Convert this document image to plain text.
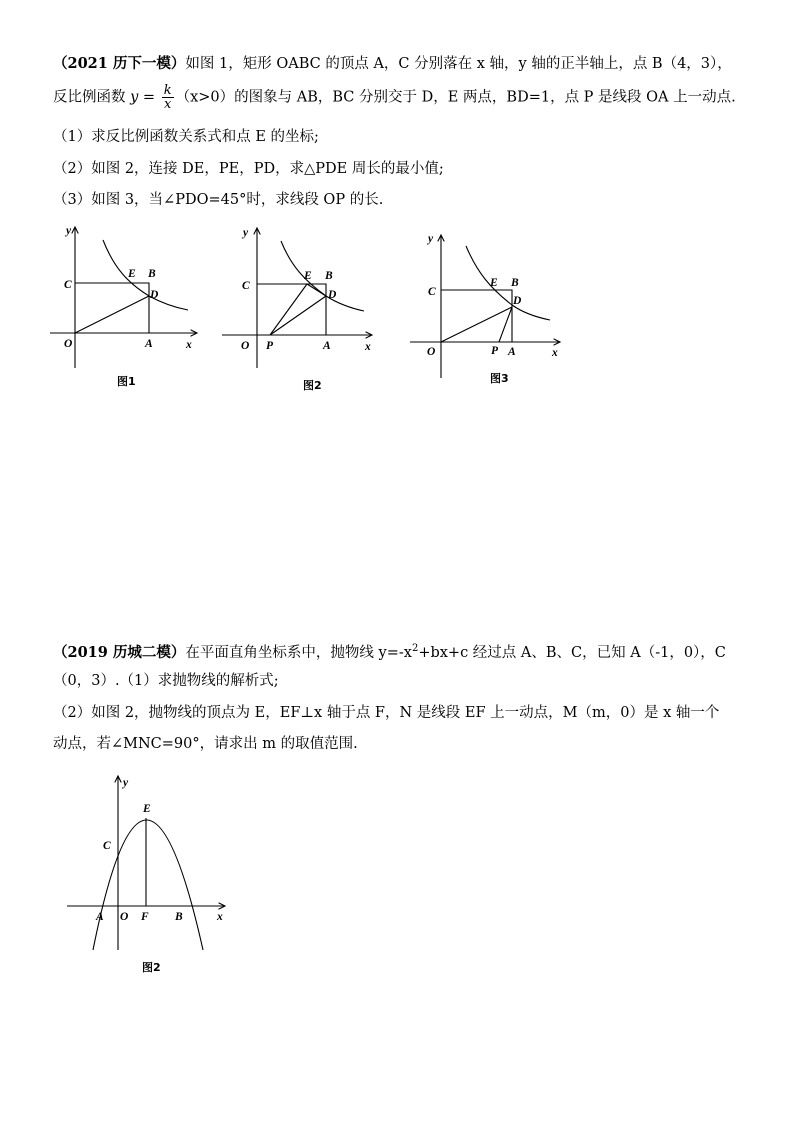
（2021 历下一模）如图 1，矩形 OABC 的顶点 A，C 分别落在 x 轴，y 轴的正半轴上，点 B（4，3），
反比例函数 $y = \frac{k}{x} (x>0)$的图象与 AB，BC 分别交于 D，E 两点，BD=1，点 P 是线段 OA 上一动点.
（1）求反比例函数关系式和点 E 的坐标;
（2）如图 2，连接 DE，PE，PD，求△PDE 周长的最小值;
（3）如图 3，当∠PDO=45°时，求线段 OP 的长.
y
x
O	A
B
C
D
E
图1
y
x
O P	A
B
C
D
E
图2
y
x
O	P A
B
C
D
E
图3
y
x
O
A	B
C
E
F
图2
（2019 历城二模）在平面直角坐标系中，抛物线 $y=-x^2+bx+c$ 经过点 A、B、C，已知 A（-1，0），C
（0，3）.（1）求抛物线的解析式;
（2）如图 2，抛物线的顶点为 E，EF⊥x 轴于点 F，N 是线段 EF 上一动点，M（m，0）是 x 轴一个
动点，若∠MNC=90°，请求出 m 的取值范围.
